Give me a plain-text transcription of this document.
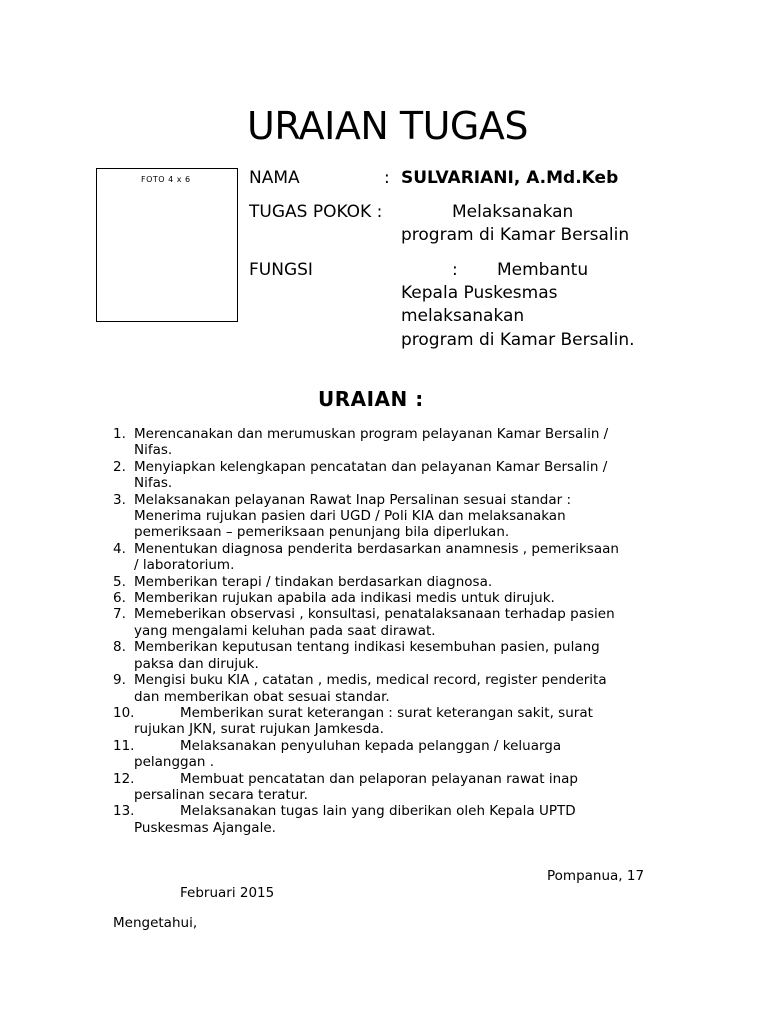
URAIAN TUGAS
FOTO 4 x 6	NAMA	: SULVARIANI, A.Md.Keb
TUGAS POKOK :	Melaksanakan
program di Kamar Bersalin
FUNGSI	: Membantu
Kepala Puskesmas
melaksanakan
program di Kamar Bersalin.
URAIAN :
1. Merencanakan dan merumuskan program pelayanan Kamar Bersalin /
Nifas.
2. Menyiapkan kelengkapan pencatatan dan pelayanan Kamar Bersalin /
Nifas.
3. Melaksanakan pelayanan Rawat Inap Persalinan sesuai standar :
Menerima rujukan pasien dari UGD / Poli KIA dan melaksanakan
pemeriksaan – pemeriksaan penunjang bila diperlukan.
4. Menentukan diagnosa penderita berdasarkan anamnesis , pemeriksaan
/ laboratorium.
5. Memberikan terapi / tindakan berdasarkan diagnosa.
6. Memberikan rujukan apabila ada indikasi medis untuk dirujuk.
7. Memeberikan observasi , konsultasi, penatalaksanaan terhadap pasien
yang mengalami keluhan pada saat dirawat.
8. Memberikan keputusan tentang indikasi kesembuhan pasien, pulang
paksa dan dirujuk.
9. Mengisi buku KIA , catatan , medis, medical record, register penderita
dan memberikan obat sesuai standar.
10.	Memberikan surat keterangan : surat keterangan sakit, surat
rujukan JKN, surat rujukan Jamkesda.
11.	Melaksanakan penyuluhan kepada pelanggan / keluarga
pelanggan .
12.	Membuat pencatatan dan pelaporan pelayanan rawat inap
persalinan secara teratur.
13.	Melaksanakan tugas lain yang diberikan oleh Kepala UPTD
Puskesmas Ajangale.
Pompanua, 17
Februari 2015
Mengetahui,
